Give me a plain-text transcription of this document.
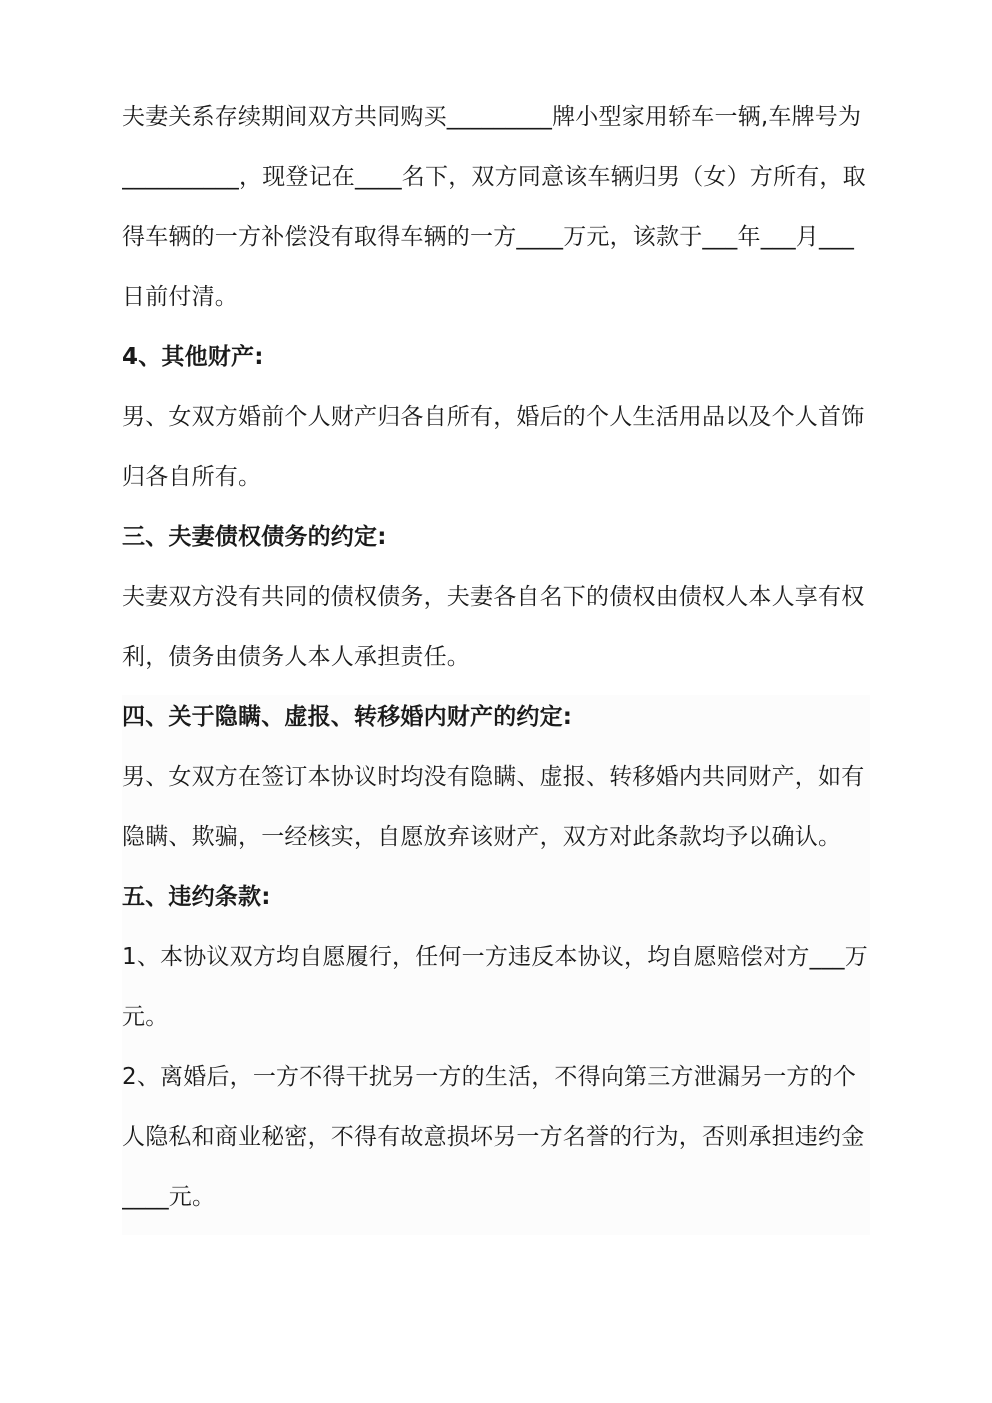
夫妻关系存续期间双方共同购买_________牌小型家用轿车一辆,车牌号为
__________，现登记在____名下，双方同意该车辆归男（女）方所有，取
得车辆的一方补偿没有取得车辆的一方____万元，该款于___年___月___
日前付清。
4、其他财产:
男、女双方婚前个人财产归各自所有，婚后的个人生活用品以及个人首饰
归各自所有。
三、夫妻债权债务的约定:
夫妻双方没有共同的债权债务，夫妻各自名下的债权由债权人本人享有权
利，债务由债务人本人承担责任。
四、关于隐瞒、虚报、转移婚内财产的约定:
男、女双方在签订本协议时均没有隐瞒、虚报、转移婚内共同财产，如有
隐瞒、欺骗，一经核实，自愿放弃该财产，双方对此条款均予以确认。
五、违约条款:
1、本协议双方均自愿履行，任何一方违反本协议，均自愿赔偿对方___万
元。
2、离婚后，一方不得干扰另一方的生活，不得向第三方泄漏另一方的个
人隐私和商业秘密，不得有故意损坏另一方名誉的行为，否则承担违约金
____元。
